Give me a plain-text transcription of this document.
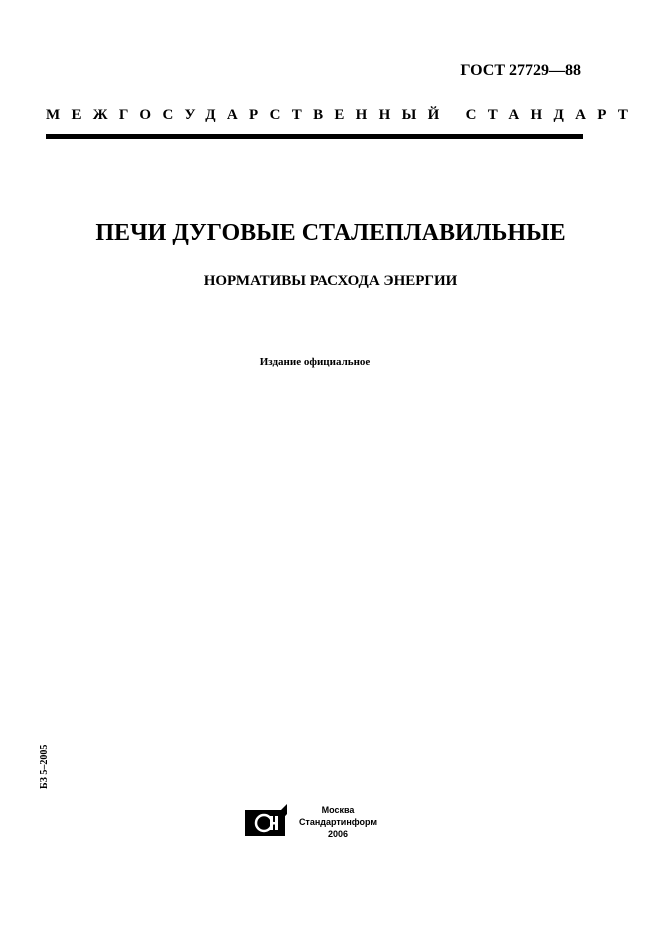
ГОСТ 27729—88
МЕЖГОСУДАРСТВЕННЫЙ СТАНДАРТ
ПЕЧИ ДУГОВЫЕ СТАЛЕПЛАВИЛЬНЫЕ
НОРМАТИВЫ РАСХОДА ЭНЕРГИИ
Издание официальное
БЗ 5–2005
Москва
Стандартинформ
2006
